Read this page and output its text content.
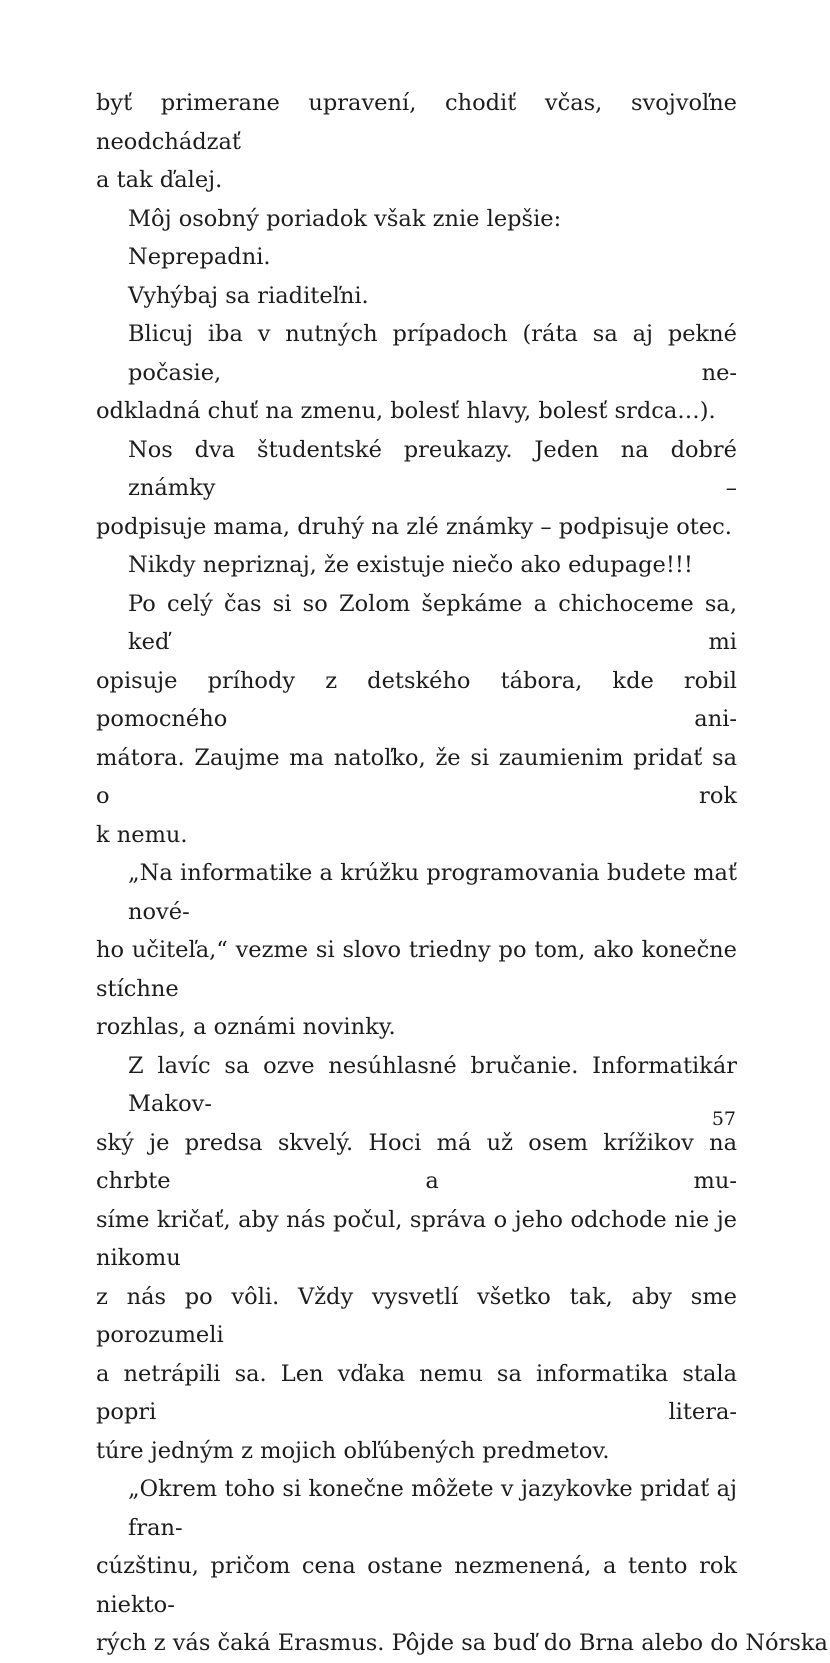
byť primerane upravení, chodiť včas, svojvoľne neodchádzať
a tak ďalej.
Môj osobný poriadok však znie lepšie:
Neprepadni.
Vyhýbaj sa riaditeľni.
Blicuj iba v nutných prípadoch (ráta sa aj pekné počasie, ne-
odkladná chuť na zmenu, bolesť hlavy, bolesť srdca…).
Nos dva študentské preukazy. Jeden na dobré známky –
podpisuje mama, druhý na zlé známky – podpisuje otec.
Nikdy nepriznaj, že existuje niečo ako edupage!!!
Po celý čas si so Zolom šepkáme a chichoceme sa, keď mi
opisuje príhody z detského tábora, kde robil pomocného ani-
mátora. Zaujme ma natoľko, že si zaumienim pridať sa o rok
k nemu.
„Na informatike a krúžku programovania budete mať nové-
ho učiteľa,“ vezme si slovo triedny po tom, ako konečne stíchne
rozhlas, a oznámi novinky.
Z lavíc sa ozve nesúhlasné bručanie. Informatikár Makov-
ský je predsa skvelý. Hoci má už osem krížikov na chrbte a mu-
síme kričať, aby nás počul, správa o jeho odchode nie je nikomu
z nás po vôli. Vždy vysvetlí všetko tak, aby sme porozumeli
a netrápili sa. Len vďaka nemu sa informatika stala popri litera-
túre jedným z mojich obľúbených predmetov.
„Okrem toho si konečne môžete v jazykovke pridať aj fran-
cúzštinu, pričom cena ostane nezmenená, a tento rok niekto-
rých z vás čaká Erasmus. Pôjde sa buď do Brna alebo do Nórska
57
